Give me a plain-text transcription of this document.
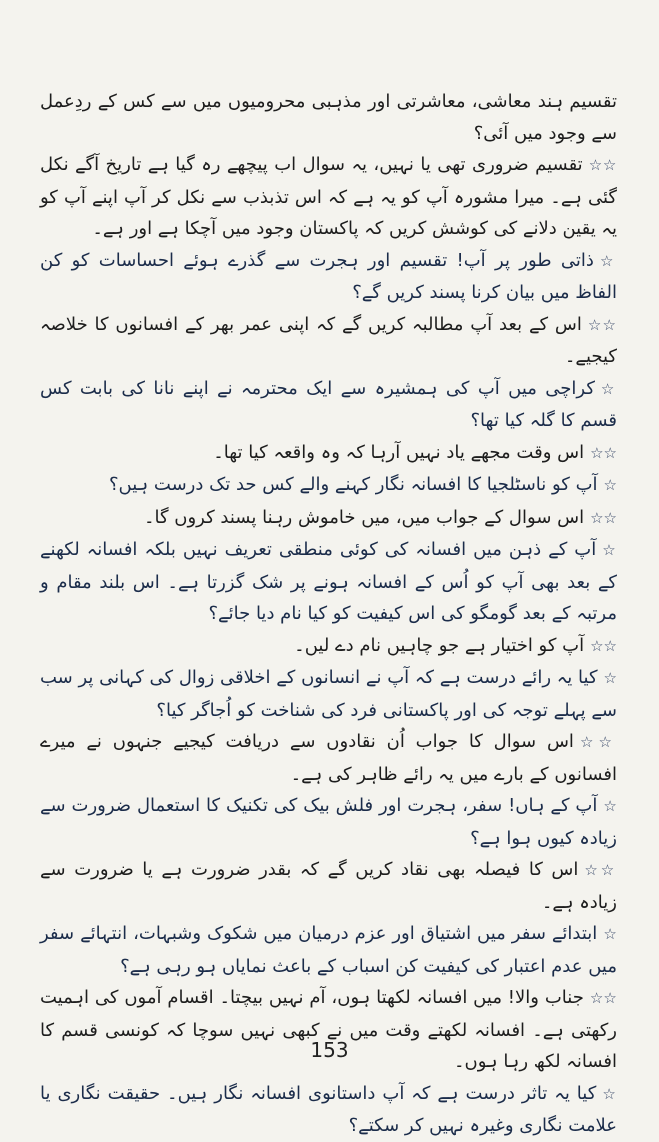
تقسیم ہند معاشی، معاشرتی اور مذہبی محرومیوں میں سے کس کے ردِعمل سے وجود میں آئی؟

☆☆تقسیم ضروری تھی یا نہیں، یہ سوال اب پیچھے رہ گیا ہے تاریخ آگے نکل گئی ہے۔ میرا مشورہ آپ کو یہ ہے کہ اس تذبذب سے نکل کر آپ اپنے آپ کو یہ یقین دلانے کی کوشش کریں کہ پاکستان وجود میں آچکا ہے اور ہے۔

☆ذاتی طور پر آپ! تقسیم اور ہجرت سے گذرے ہوئے احساسات کو کن الفاظ میں بیان کرنا پسند کریں گے؟

☆☆اس کے بعد آپ مطالبہ کریں گے کہ اپنی عمر بھر کے افسانوں کا خلاصہ کیجیے۔

☆کراچی میں آپ کی ہمشیرہ سے ایک محترمہ نے اپنے نانا کی بابت کس قسم کا گلہ کیا تھا؟

☆☆اس وقت مجھے یاد نہیں آرہا کہ وہ واقعہ کیا تھا۔

☆آپ کو ناسٹلجیا کا افسانہ نگار کہنے والے کس حد تک درست ہیں؟

☆☆اس سوال کے جواب میں، میں خاموش رہنا پسند کروں گا۔

☆آپ کے ذہن میں افسانہ کی کوئی منطقی تعریف نہیں بلکہ افسانہ لکھنے کے بعد بھی آپ کو اُس کے افسانہ ہونے پر شک گزرتا ہے۔ اس بلند مقام و مرتبہ کے بعد گومگو کی اس کیفیت کو کیا نام دیا جائے؟

☆☆آپ کو اختیار ہے جو چاہیں نام دے لیں۔

☆کیا یہ رائے درست ہے کہ آپ نے انسانوں کے اخلاقی زوال کی کہانی پر سب سے پہلے توجہ کی اور پاکستانی فرد کی شناخت کو اُجاگر کیا؟

☆☆اس سوال کا جواب اُن نقادوں سے دریافت کیجیے جنہوں نے میرے افسانوں کے بارے میں یہ رائے ظاہر کی ہے۔

☆آپ کے ہاں! سفر، ہجرت اور فلش بیک کی تکنیک کا استعمال ضرورت سے زیادہ کیوں ہوا ہے؟

☆☆اس کا فیصلہ بھی نقاد کریں گے کہ بقدر ضرورت ہے یا ضرورت سے زیادہ ہے۔

☆ابتدائے سفر میں اشتیاق اور عزم درمیان میں شکوک وشبہات، انتہائے سفر میں عدم اعتبار کی کیفیت کن اسباب کے باعث نمایاں ہو رہی ہے؟

☆☆جناب والا! میں افسانہ لکھتا ہوں، آم نہیں بیچتا۔ اقسام آموں کی اہمیت رکھتی ہے۔ افسانہ لکھتے وقت میں نے کبھی نہیں سوچا کہ کونسی قسم کا افسانہ لکھ رہا ہوں۔

☆کیا یہ تاثر درست ہے کہ آپ داستانوی افسانہ نگار ہیں۔ حقیقت نگاری یا علامت نگاری وغیرہ نہیں کر سکتے؟

153
